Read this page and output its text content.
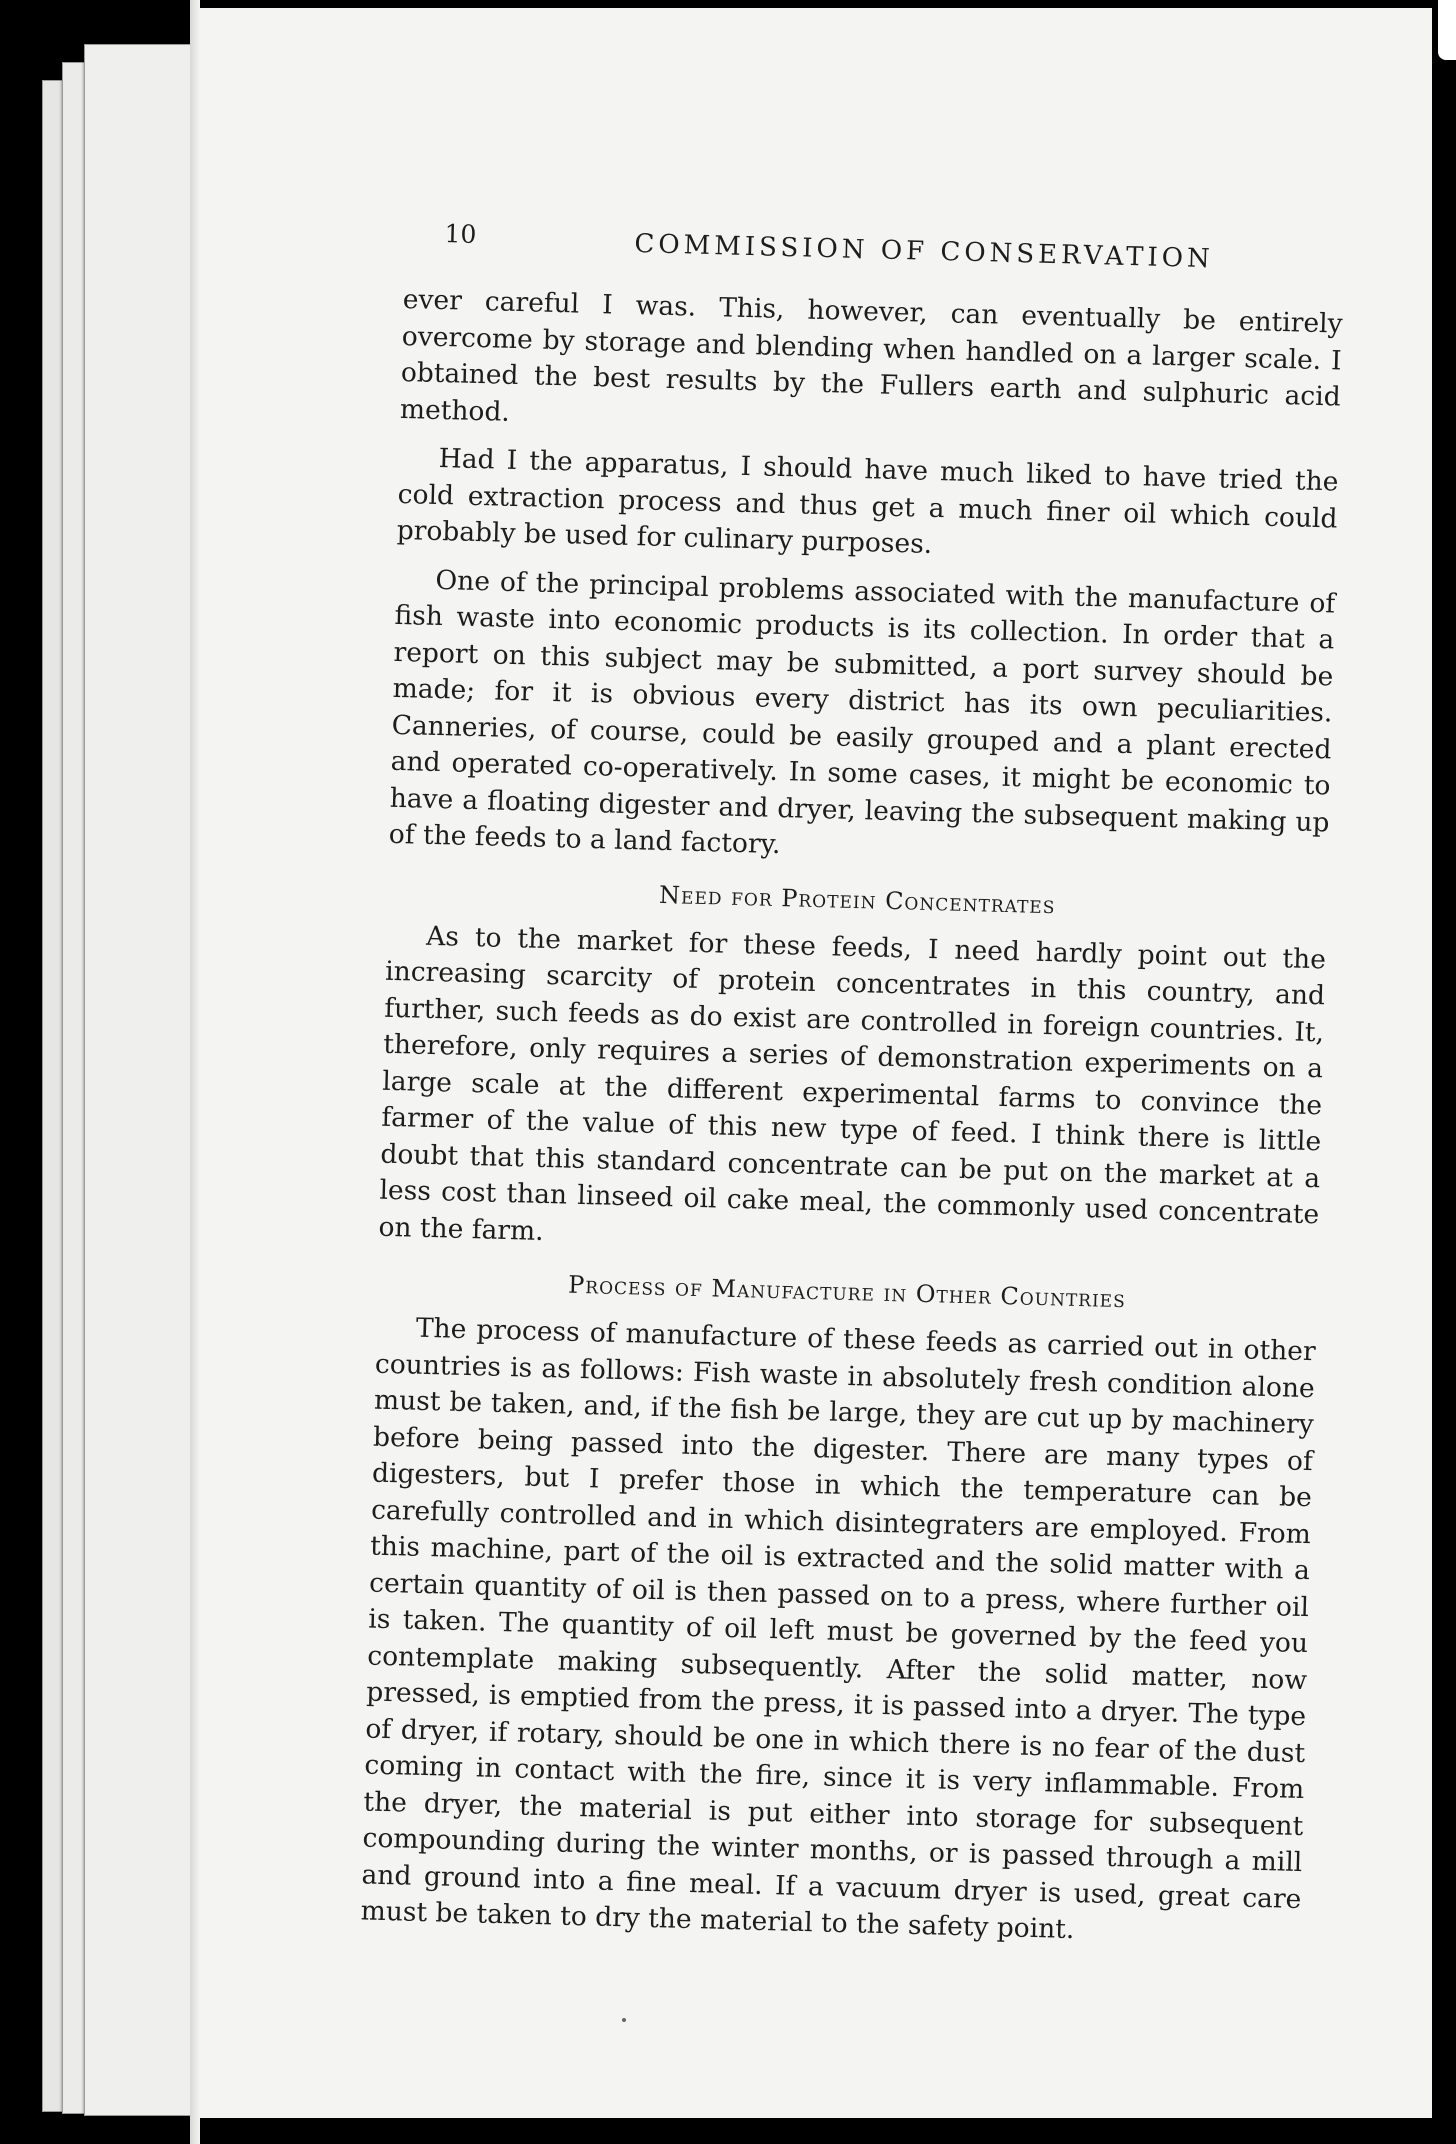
10	COMMISSION OF CONSERVATION

ever careful I was. This, however, can eventually be entirely overcome by storage and blending when handled on a larger scale. I obtained the best results by the Fullers earth and sulphuric acid method.

Had I the apparatus, I should have much liked to have tried the cold extraction process and thus get a much finer oil which could probably be used for culinary purposes.

One of the principal problems associated with the manufacture of fish waste into economic products is its collection. In order that a report on this subject may be submitted, a port survey should be made; for it is obvious every district has its own peculiarities. Canneries, of course, could be easily grouped and a plant erected and operated co-operatively. In some cases, it might be economic to have a floating digester and dryer, leaving the subsequent making up of the feeds to a land factory.

Need for Protein Concentrates

As to the market for these feeds, I need hardly point out the increasing scarcity of protein concentrates in this country, and further, such feeds as do exist are controlled in foreign countries. It, therefore, only requires a series of demonstration experiments on a large scale at the different experimental farms to convince the farmer of the value of this new type of feed. I think there is little doubt that this standard concentrate can be put on the market at a less cost than linseed oil cake meal, the commonly used concentrate on the farm.

Process of Manufacture in Other Countries

The process of manufacture of these feeds as carried out in other countries is as follows: Fish waste in absolutely fresh condition alone must be taken, and, if the fish be large, they are cut up by machinery before being passed into the digester. There are many types of digesters, but I prefer those in which the temperature can be carefully controlled and in which disintegraters are employed. From this machine, part of the oil is extracted and the solid matter with a certain quantity of oil is then passed on to a press, where further oil is taken. The quantity of oil left must be governed by the feed you contemplate making subsequently. After the solid matter, now pressed, is emptied from the press, it is passed into a dryer. The type of dryer, if rotary, should be one in which there is no fear of the dust coming in contact with the fire, since it is very inflammable. From the dryer, the material is put either into storage for subsequent compounding during the winter months, or is passed through a mill and ground into a fine meal. If a vacuum dryer is used, great care must be taken to dry the material to the safety point.
